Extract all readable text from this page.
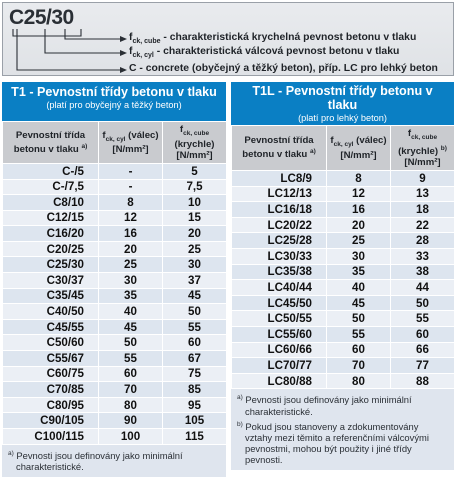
C25/30
$f_{ck, cube}$ - charakteristická krychelná pevnost betonu v tlaku
$f_{ck, cyl}$ - charakteristická válcová pevnost betonu v tlaku
C - concrete (obyčejný a těžký beton), příp. LC pro lehký beton
T1 - Pevnostní třídy betonu v tlaku
(platí pro obyčejný a těžký beton)
Pevnostní třída betonu v tlaku $^{a)}$	$f_{ck, cyl}$ (válec) [N/mm²]	$f_{ck, cube}$ (krychle) [N/mm²]
C-/5	-	5
C-/7,5	-	7,5
C8/10	8	10
C12/15	12	15
C16/20	16	20
C20/25	20	25
C25/30	25	30
C30/37	30	37
C35/45	35	45
C40/50	40	50
C45/55	45	55
C50/60	50	60
C55/67	55	67
C60/75	60	75
C70/85	70	85
C80/95	80	95
C90/105	90	105
C100/115	100	115
$^{a)}$ Pevnosti jsou definovány jako minimální charakteristické.
T1L - Pevnostní třídy betonu v tlaku
(platí pro lehký beton)
Pevnostní třída betonu v tlaku $^{a)}$	$f_{ck, cyl}$ (válec) [N/mm²]	$f_{ck, cube}$ (krychle) $^{b)}$ [N/mm²]
LC8/9	8	9
LC12/13	12	13
LC16/18	16	18
LC20/22	20	22
LC25/28	25	28
LC30/33	30	33
LC35/38	35	38
LC40/44	40	44
LC45/50	45	50
LC50/55	50	55
LC55/60	55	60
LC60/66	60	66
LC70/77	70	77
LC80/88	80	88
$^{a)}$ Pevnosti jsou definovány jako minimální charakteristické.
$^{b)}$ Pokud jsou stanoveny a zdokumentovány vztahy mezi těmito a referenčními válcovými pevnostmi, mohou být použity i jiné třídy pevnosti.
